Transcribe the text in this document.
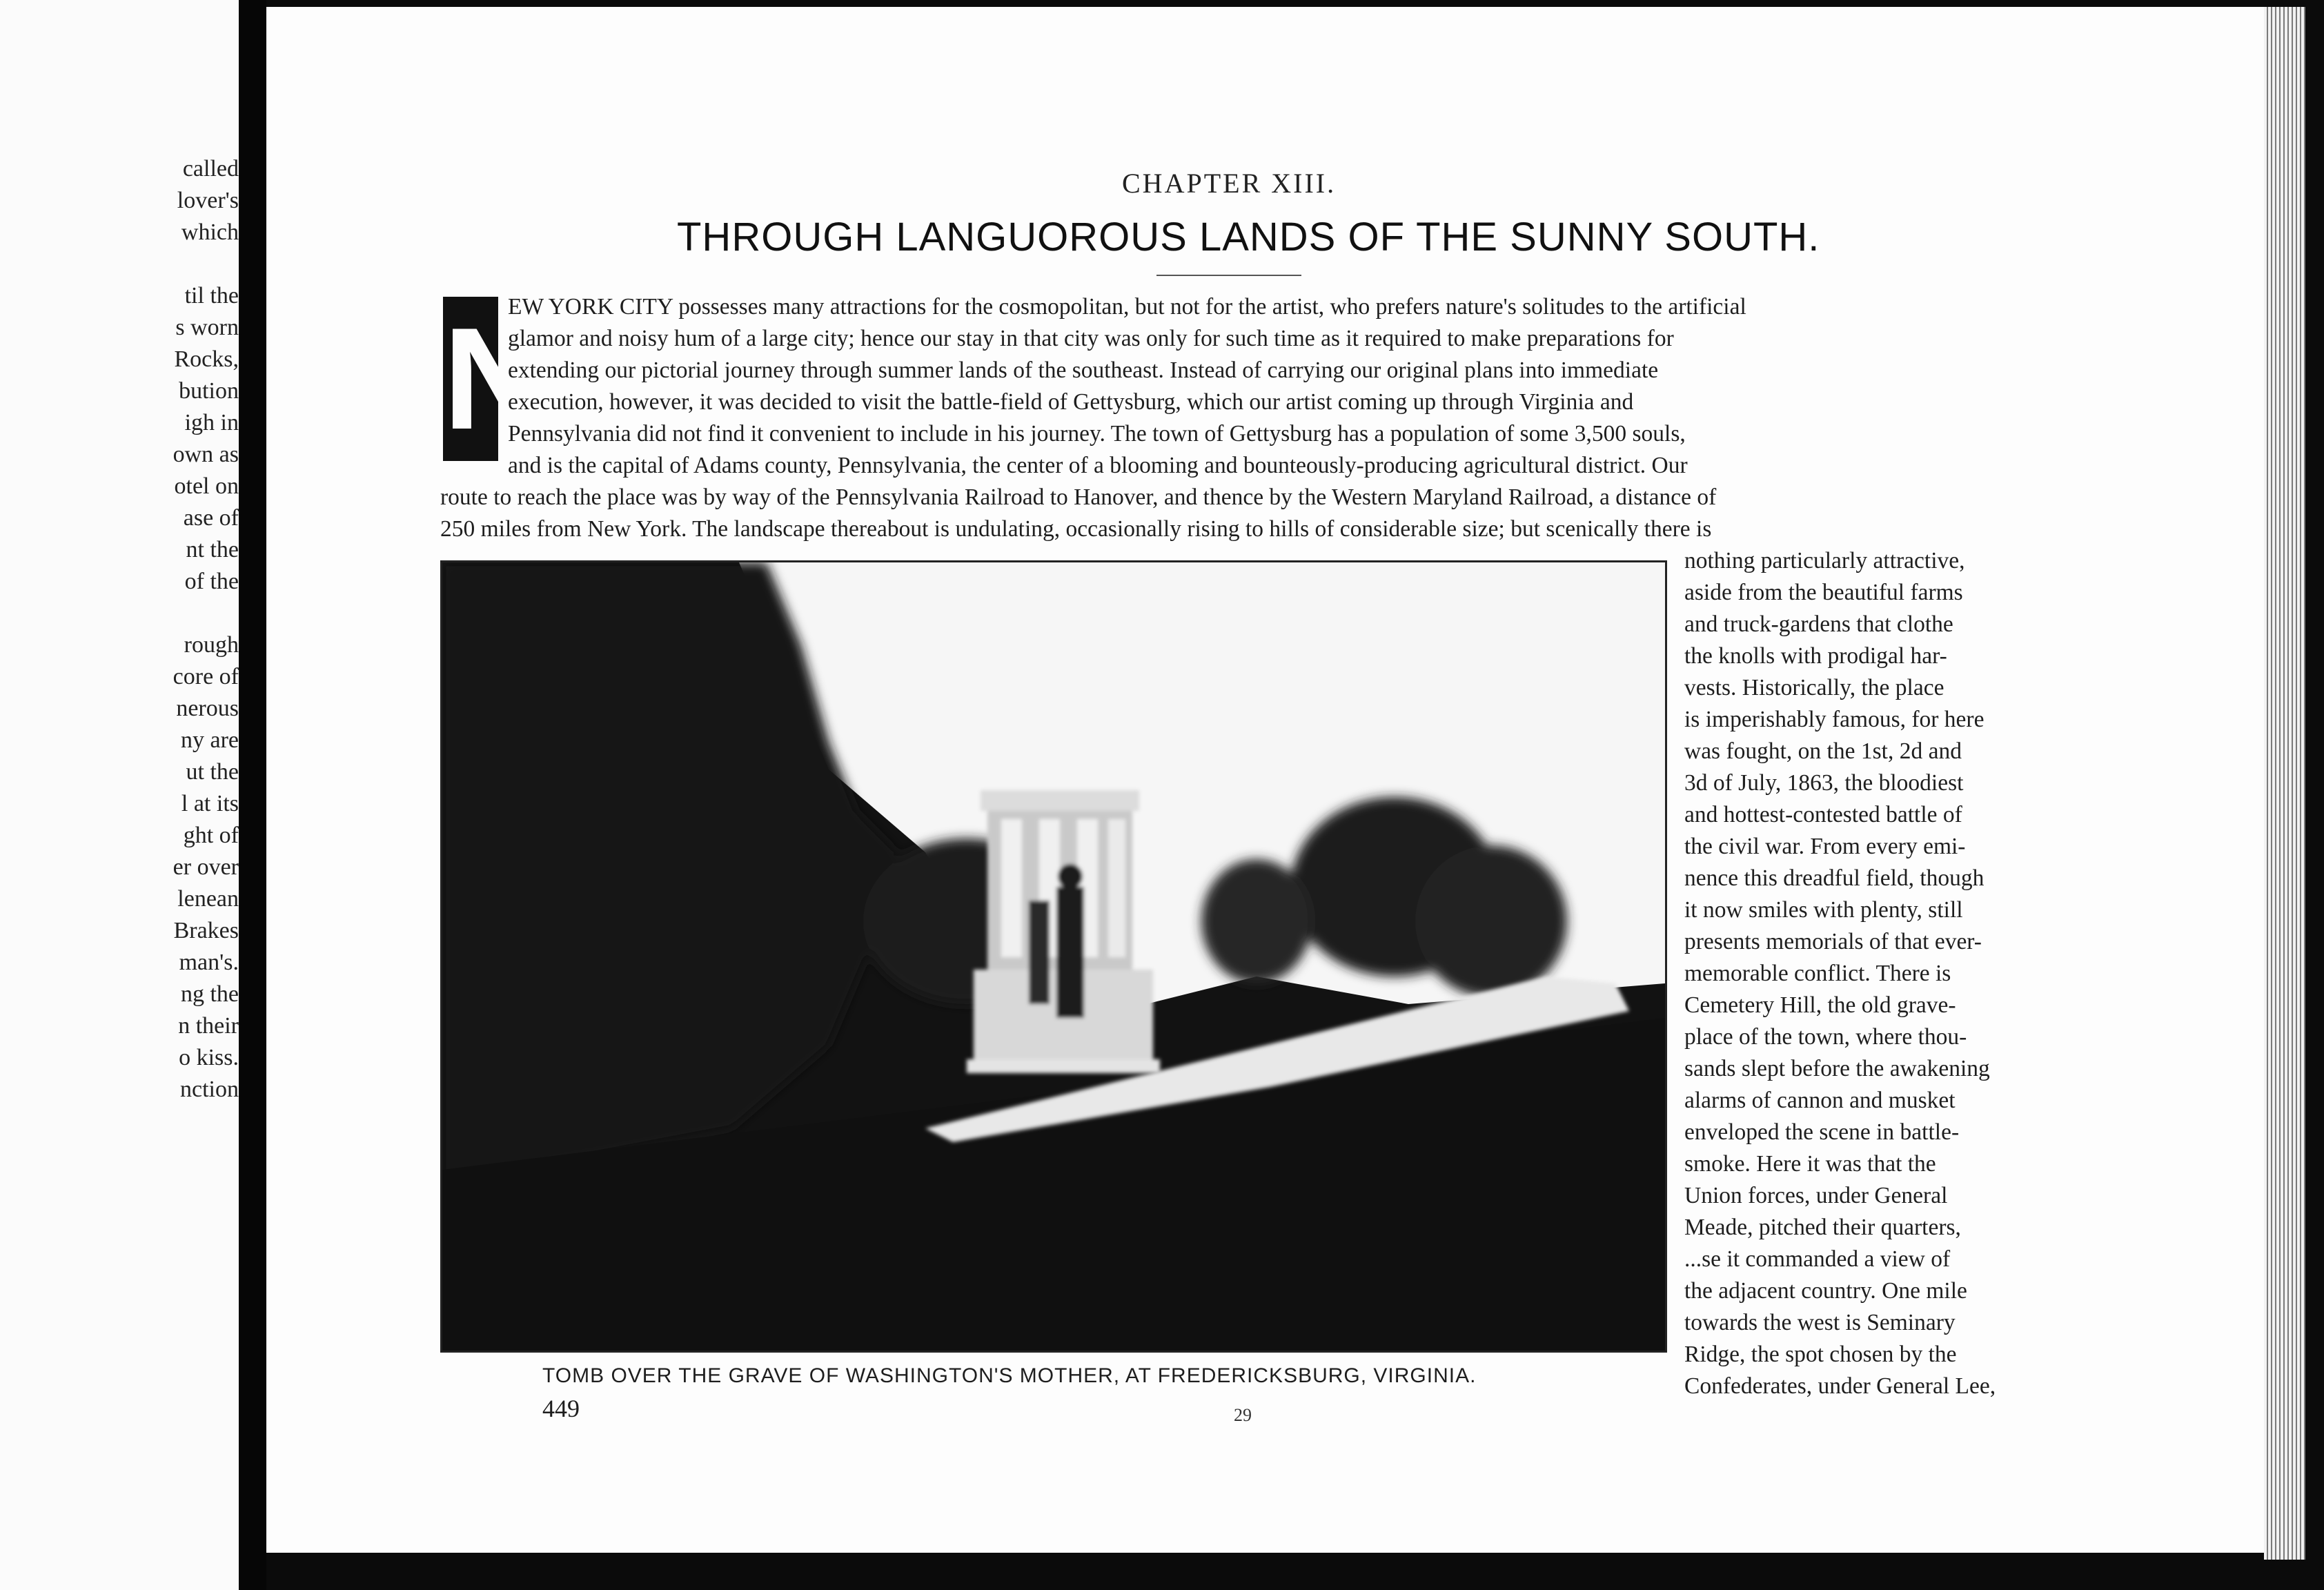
called
lover's
which
til the
s worn
Rocks,
bution
igh in
own as
otel on
ase of
nt the
of the
rough
core of
nerous
ny are
ut the
l at its
ght of
er over
lenean
Brakes
man's.
ng the
n their
o kiss.
nction
CHAPTER XIII.
THROUGH LANGUOROUS LANDS OF THE SUNNY SOUTH.
N
EW YORK CITY possesses many attractions for the cosmopolitan, but not for the artist, who prefers nature's solitudes to the artificial
glamor and noisy hum of a large city; hence our stay in that city was only for such time as it required to make preparations for
extending our pictorial journey through summer lands of the southeast. Instead of carrying our original plans into immediate
execution, however, it was decided to visit the battle-field of Gettysburg, which our artist coming up through Virginia and
Pennsylvania did not find it convenient to include in his journey. The town of Gettysburg has a population of some 3,500 souls,
and is the capital of Adams county, Pennsylvania, the center of a blooming and bounteously-producing agricultural district. Our
route to reach the place was by way of the Pennsylvania Railroad to Hanover, and thence by the Western Maryland Railroad, a distance of
250 miles from New York. The landscape thereabout is undulating, occasionally rising to hills of considerable size; but scenically there is
nothing particularly attractive,
aside from the beautiful farms
and truck-gardens that clothe
the knolls with prodigal har-
vests. Historically, the place
is imperishably famous, for here
was fought, on the 1st, 2d and
3d of July, 1863, the bloodiest
and hottest-contested battle of
the civil war. From every emi-
nence this dreadful field, though
it now smiles with plenty, still
presents memorials of that ever-
memorable conflict. There is
Cemetery Hill, the old grave-
place of the town, where thou-
sands slept before the awakening
alarms of cannon and musket
enveloped the scene in battle-
smoke. Here it was that the
Union forces, under General
Meade, pitched their quarters,
...se it commanded a view of
the adjacent country. One mile
towards the west is Seminary
Ridge, the spot chosen by the
Confederates, under General Lee,
TOMB OVER THE GRAVE OF WASHINGTON'S MOTHER, AT FREDERICKSBURG, VIRGINIA.
449	29
